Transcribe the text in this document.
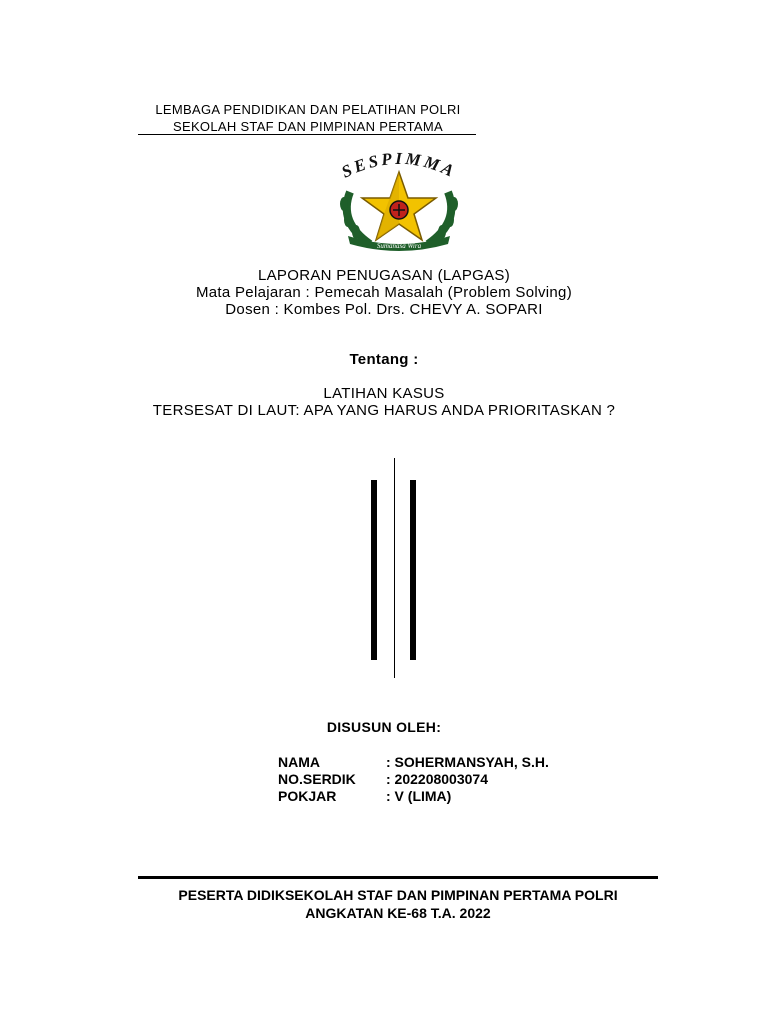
LEMBAGA PENDIDIKAN DAN PELATIHAN POLRI
SEKOLAH STAF DAN PIMPINAN PERTAMA
Sumanasa Wira
SESPIMMA
LAPORAN PENUGASAN (LAPGAS)
Mata Pelajaran : Pemecah Masalah (Problem Solving)
Dosen : Kombes Pol. Drs. CHEVY A. SOPARI
Tentang :
LATIHAN KASUS
TERSESAT DI LAUT: APA YANG HARUS ANDA PRIORITASKAN ?
DISUSUN OLEH:
NAMA	: SOHERMANSYAH, S.H.
NO.SERDIK : 202208003074
POKJAR	: V (LIMA)
PESERTA DIDIKSEKOLAH STAF DAN PIMPINAN PERTAMA POLRI
ANGKATAN KE-68 T.A. 2022
